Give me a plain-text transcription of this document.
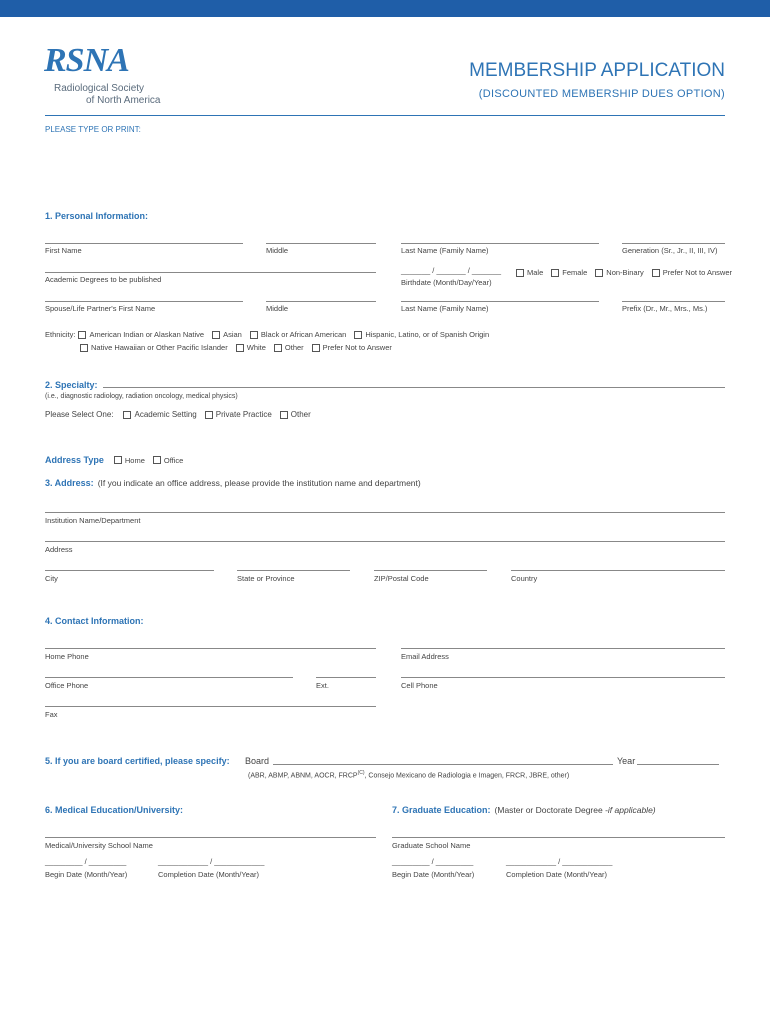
RSNA
Radiological Society
of North America
MEMBERSHIP APPLICATION
(DISCOUNTED MEMBERSHIP DUES OPTION)
PLEASE TYPE OR PRINT:
1. Personal Information:
First Name	Middle	Last Name (Family Name)	Generation (Sr., Jr., II, III, IV)
Academic Degrees to be published
_______ / _______ / _______
Birthdate (Month/Day/Year)
Male	Female	Non-Binary	Prefer Not to Answer
Spouse/Life Partner's First Name	Middle	Last Name (Family Name)	Prefix (Dr., Mr., Mrs., Ms.)
Ethnicity: American Indian or Alaskan Native	Asian	Black or African American	Hispanic, Latino, or of Spanish Origin
Native Hawaiian or Other Pacific Islander	White	Other	Prefer Not to Answer
2. Specialty:
(i.e., diagnostic radiology, radiation oncology, medical physics)
Please Select One:	Academic Setting Private Practice Other
Address Type	Home	Office
3. Address: (If you indicate an office address, please provide the institution name and department)
Institution Name/Department
Address
City	State or Province	ZIP/Postal Code	Country
4. Contact Information:
Home Phone	Email Address
Office Phone	Ext.	Cell Phone
Fax
5. If you are board certified, please specify: Board	Year
(ABR, ABMP, ABNM, AOCR, $FRCP^{(C)}$, Consejo Mexicano de Radiologia e Imagen, FRCR, JBRE, other)
6. Medical Education/University:
Medical/University School Name
_________ / _________
Begin Date (Month/Year)
____________ / ____________
Completion Date (Month/Year)
7. Graduate Education: (Master or Doctorate Degree - if applicable)
Graduate School Name
_________ / _________
Begin Date (Month/Year)
____________ / ____________
Completion Date (Month/Year)
